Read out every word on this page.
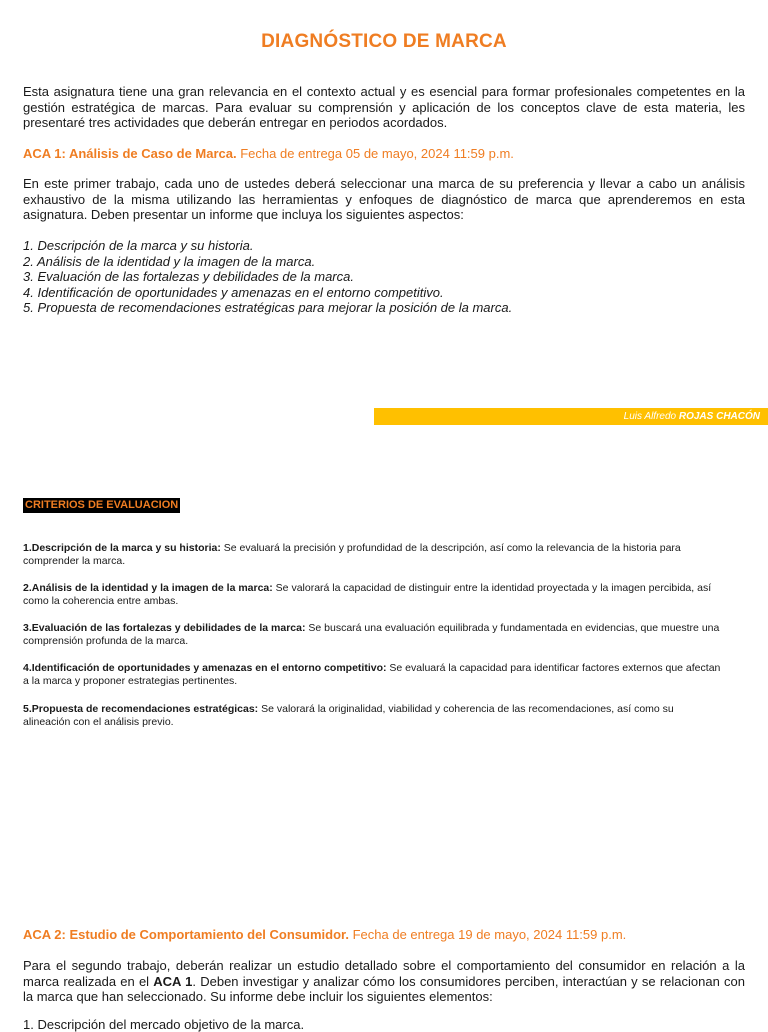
DIAGNÓSTICO DE MARCA

Esta asignatura tiene una gran relevancia en el contexto actual y es esencial para formar profesionales competentes en la gestión estratégica de marcas. Para evaluar su comprensión y aplicación de los conceptos clave de esta materia, les presentaré tres actividades que deberán entregar en periodos acordados.

ACA 1: Análisis de Caso de Marca. Fecha de entrega 05 de mayo, 2024 11:59 p.m.

En este primer trabajo, cada uno de ustedes deberá seleccionar una marca de su preferencia y llevar a cabo un análisis exhaustivo de la misma utilizando las herramientas y enfoques de diagnóstico de marca que aprenderemos en esta asignatura. Deben presentar un informe que incluya los siguientes aspectos:

1. Descripción de la marca y su historia.
2. Análisis de la identidad y la imagen de la marca.
3. Evaluación de las fortalezas y debilidades de la marca.
4. Identificación de oportunidades y amenazas en el entorno competitivo.
5. Propuesta de recomendaciones estratégicas para mejorar la posición de la marca.
Luis Alfredo ROJAS CHACÓN
CRITERIOS DE EVALUACION

1.Descripción de la marca y su historia: Se evaluará la precisión y profundidad de la descripción, así como la relevancia de la historia para comprender la marca.

2.Análisis de la identidad y la imagen de la marca: Se valorará la capacidad de distinguir entre la identidad proyectada y la imagen percibida, así como la coherencia entre ambas.

3.Evaluación de las fortalezas y debilidades de la marca: Se buscará una evaluación equilibrada y fundamentada en evidencias, que muestre una comprensión profunda de la marca.

4.Identificación de oportunidades y amenazas en el entorno competitivo: Se evaluará la capacidad para identificar factores externos que afectan a la marca y proponer estrategias pertinentes.

5.Propuesta de recomendaciones estratégicas: Se valorará la originalidad, viabilidad y coherencia de las recomendaciones, así como su alineación con el análisis previo.

ACA 2: Estudio de Comportamiento del Consumidor. Fecha de entrega 19 de mayo, 2024 11:59 p.m.

Para el segundo trabajo, deberán realizar un estudio detallado sobre el comportamiento del consumidor en relación a la marca realizada en el ACA 1. Deben investigar y analizar cómo los consumidores perciben, interactúan y se relacionan con la marca que han seleccionado. Su informe debe incluir los siguientes elementos:

1. Descripción del mercado objetivo de la marca.
